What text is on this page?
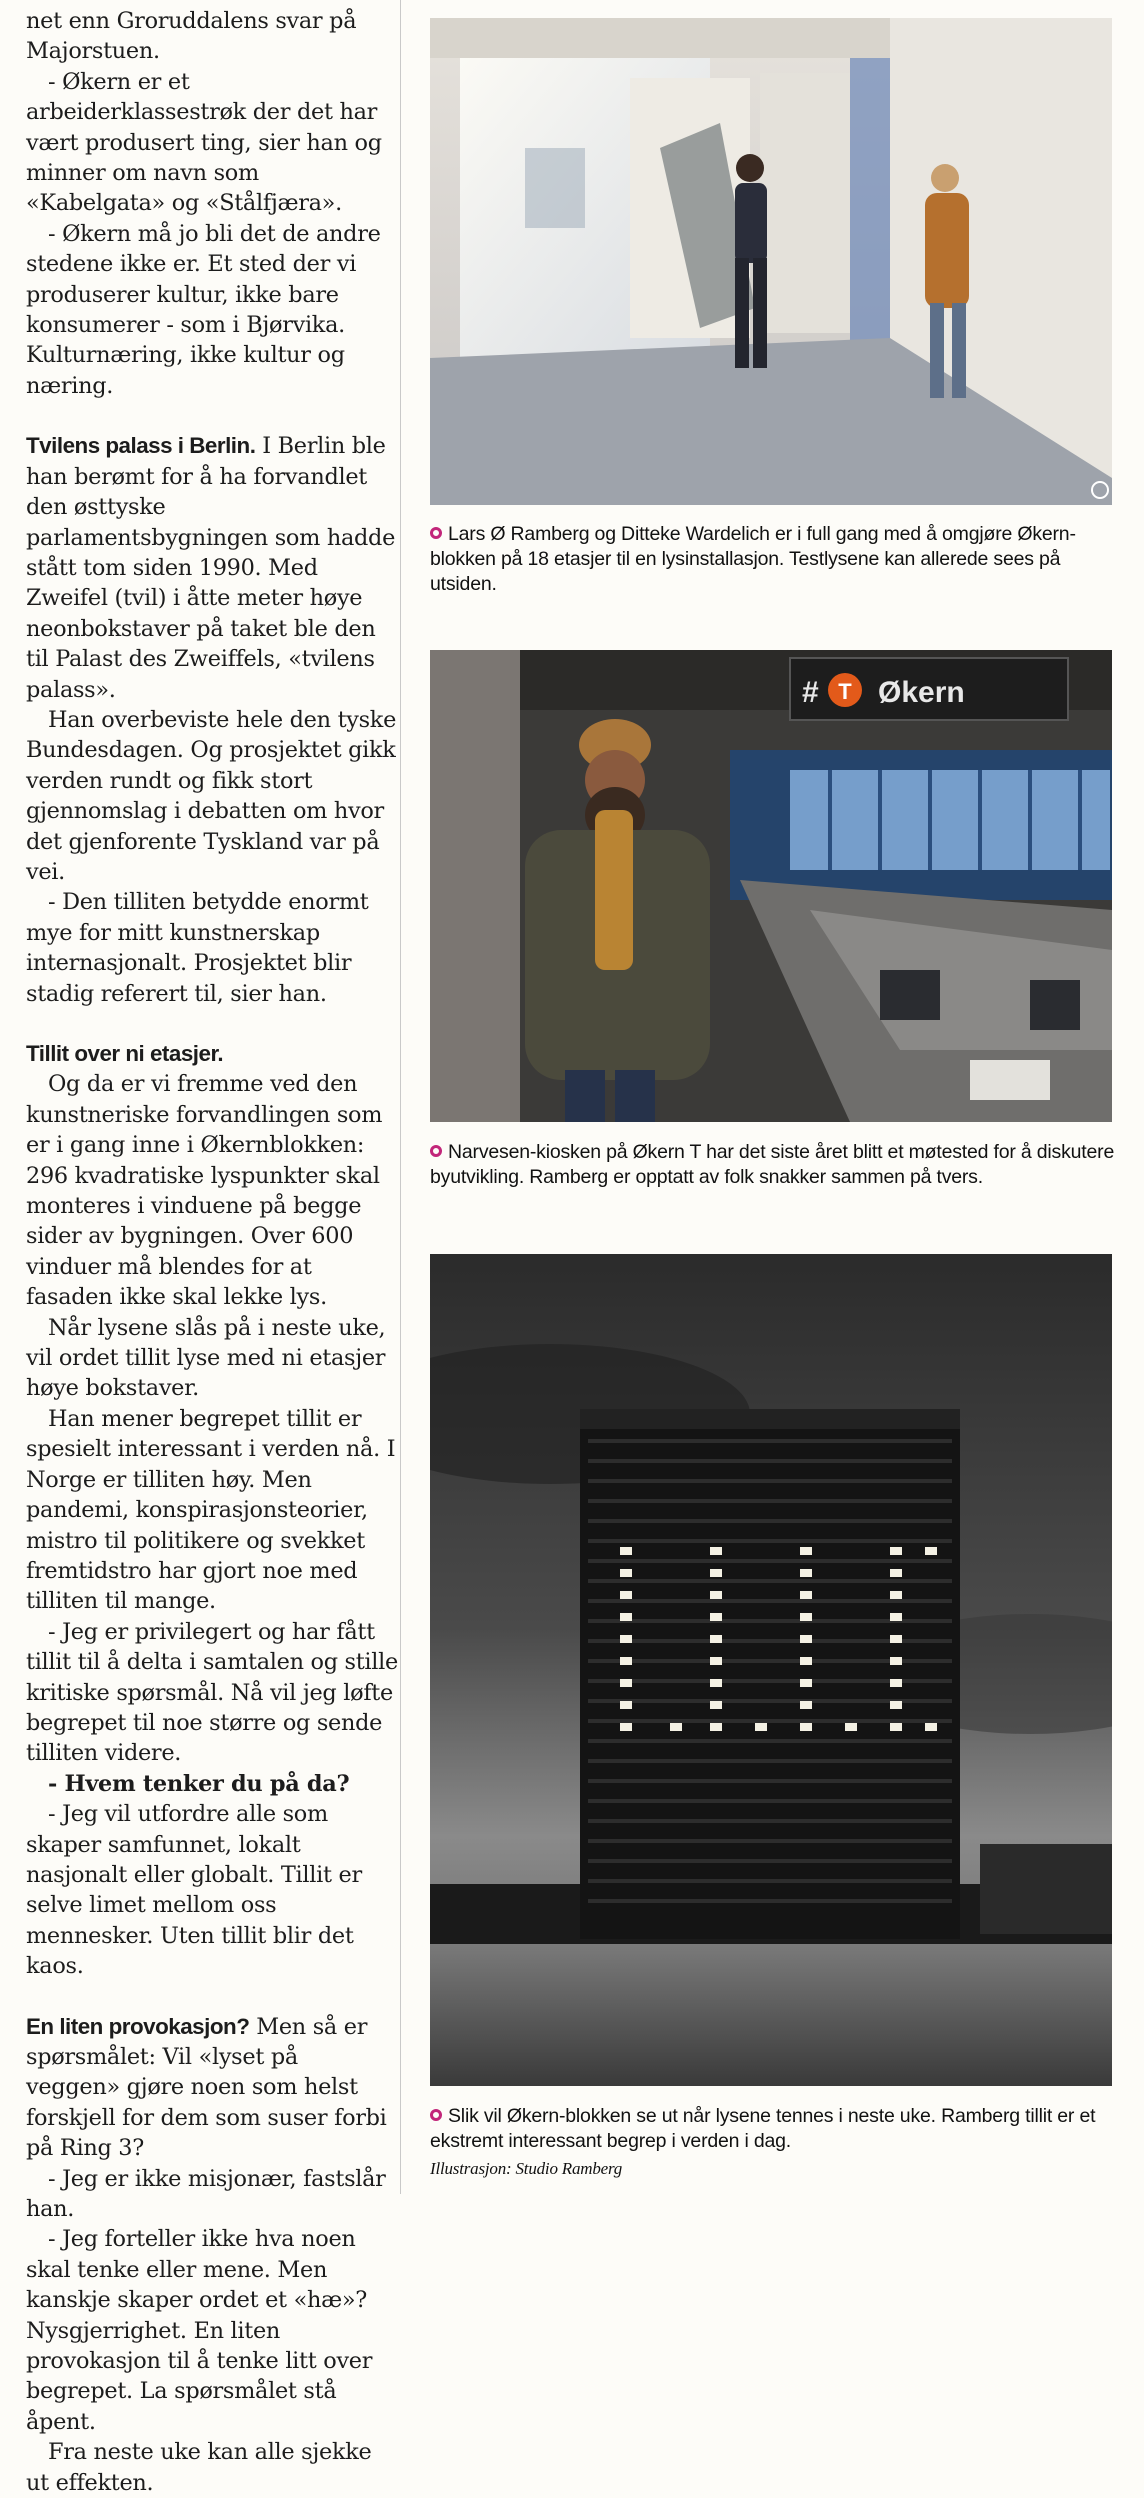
net enn Groruddalens svar på Majorstuen.

- Økern er et arbeiderklassestrøk der det har vært produsert ting, sier han og minner om navn som «Kabelgata» og «Stålfjæra».

- Økern må jo bli det de andre stedene ikke er. Et sted der vi produserer kultur, ikke bare konsumerer - som i Bjørvika. Kulturnæring, ikke kultur og næring.

Tvilens palass i Berlin. I Berlin ble han berømt for å ha forvandlet den østtyske parlamentsbygningen som hadde stått tom siden 1990. Med Zweifel (tvil) i åtte meter høye neonbokstaver på taket ble den til Palast des Zweiffels, «tvilens palass».

Han overbeviste hele den tyske Bundesdagen. Og prosjektet gikk verden rundt og fikk stort gjennomslag i debatten om hvor det gjenforente Tyskland var på vei.

- Den tilliten betydde enormt mye for mitt kunstnerskap internasjonalt. Prosjektet blir stadig referert til, sier han.

Tillit over ni etasjer.

Og da er vi fremme ved den kunstneriske forvandlingen som er i gang inne i Økernblokken: 296 kvadratiske lyspunkter skal monteres i vinduene på begge sider av bygningen. Over 600 vinduer må blendes for at fasaden ikke skal lekke lys.

Når lysene slås på i neste uke, vil ordet tillit lyse med ni etasjer høye bokstaver.

Han mener begrepet tillit er spesielt interessant i verden nå. I Norge er tilliten høy. Men pandemi, konspirasjonsteorier, mistro til politikere og svekket fremtidstro har gjort noe med tilliten til mange.

- Jeg er privilegert og har fått tillit til å delta i samtalen og stille kritiske spørsmål. Nå vil jeg løfte begrepet til noe større og sende tilliten videre.

- Hvem tenker du på da?

- Jeg vil utfordre alle som skaper samfunnet, lokalt nasjonalt eller globalt. Tillit er selve limet mellom oss mennesker. Uten tillit blir det kaos.

En liten provokasjon? Men så er spørsmålet: Vil «lyset på veggen» gjøre noen som helst forskjell for dem som suser forbi på Ring 3?

- Jeg er ikke misjonær, fastslår han.

- Jeg forteller ikke hva noen skal tenke eller mene. Men kanskje skaper ordet et «hæ»? Nysgjerrighet. En liten provokasjon til å tenke litt over begrepet. La spørsmålet stå åpent.

Fra neste uke kan alle sjekke ut effekten.

Lars Ø Ramberg og Ditteke Wardelich er i full gang med å omgjøre Økern-blokken på 18 etasjer til en lysinstallasjon. Testlysene kan allerede sees på utsiden.
# T Økern
Narvesen-kiosken på Økern T har det siste året blitt et møtested for å diskutere byutvikling. Ramberg er opptatt av folk snakker sammen på tvers.
Slik vil Økern-blokken se ut når lysene tennes i neste uke. Ramberg tillit er et ekstremt interessant begrep i verden i dag.
Illustrasjon: Studio Ramberg
